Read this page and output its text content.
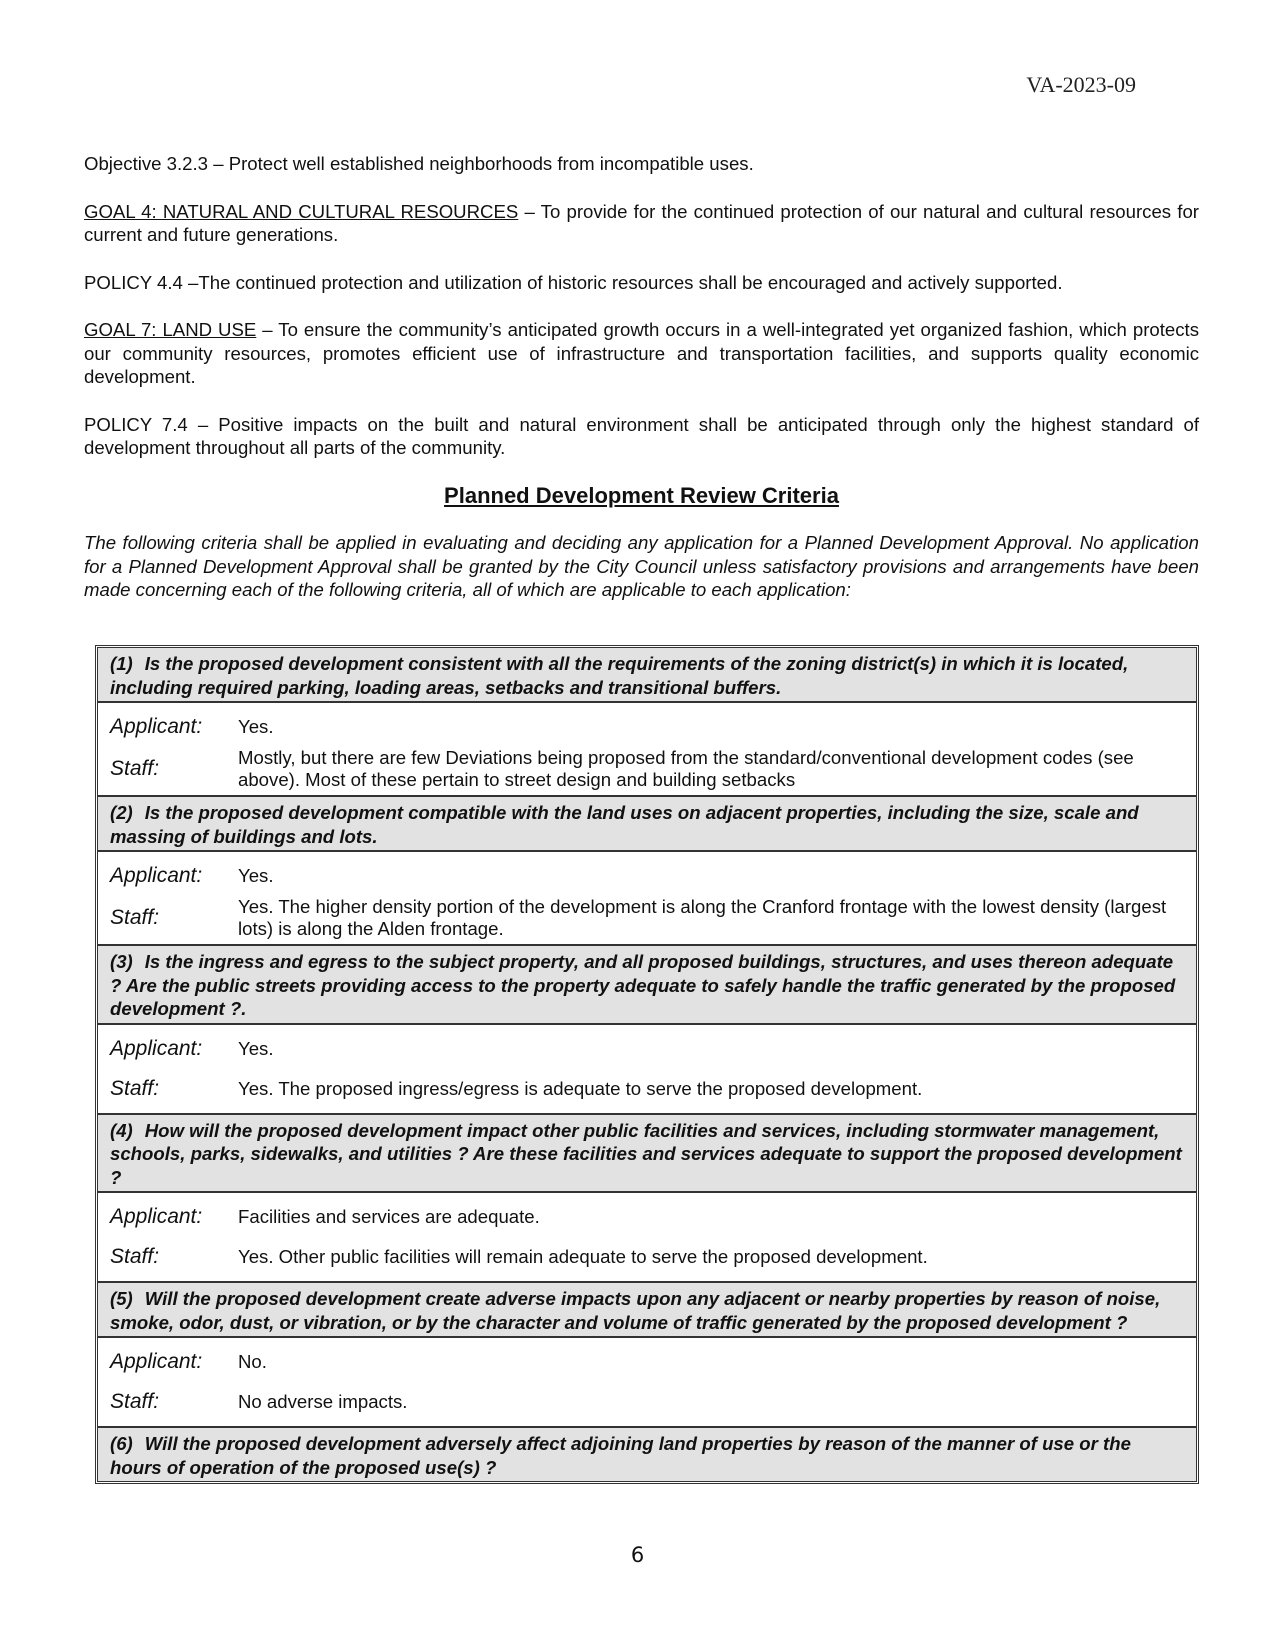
VA-2023-09

Objective 3.2.3 – Protect well established neighborhoods from incompatible uses.

GOAL 4: NATURAL AND CULTURAL RESOURCES – To provide for the continued protection of our natural and cultural resources for current and future generations.

POLICY 4.4 –The continued protection and utilization of historic resources shall be encouraged and actively supported.

GOAL 7: LAND USE – To ensure the community’s anticipated growth occurs in a well-integrated yet organized fashion, which protects our community resources, promotes efficient use of infrastructure and transportation facilities, and supports quality economic development.

POLICY 7.4 – Positive impacts on the built and natural environment shall be anticipated through only the highest standard of development throughout all parts of the community.

Planned Development Review Criteria

The following criteria shall be applied in evaluating and deciding any application for a Planned Development Approval. No application for a Planned Development Approval shall be granted by the City Council unless satisfactory provisions and arrangements have been made concerning each of the following criteria, all of which are applicable to each application:

(1) Is the proposed development consistent with all the requirements of the zoning district(s) in which it is located, including required parking, loading areas, setbacks and transitional buffers.
Applicant:	Yes.
Staff:	Mostly, but there are few Deviations being proposed from the standard/conventional development codes (see above). Most of these pertain to street design and building setbacks
(2) Is the proposed development compatible with the land uses on adjacent properties, including the size, scale and massing of buildings and lots.
Applicant:	Yes.
Staff:	Yes. The higher density portion of the development is along the Cranford frontage with the lowest density (largest lots) is along the Alden frontage.
(3) Is the ingress and egress to the subject property, and all proposed buildings, structures, and uses thereon adequate ? Are the public streets providing access to the property adequate to safely handle the traffic generated by the proposed development ?.
Applicant:	Yes.
Staff:	Yes. The proposed ingress/egress is adequate to serve the proposed development.
(4) How will the proposed development impact other public facilities and services, including stormwater management, schools, parks, sidewalks, and utilities ? Are these facilities and services adequate to support the proposed development ?
Applicant:	Facilities and services are adequate.
Staff:	Yes. Other public facilities will remain adequate to serve the proposed development.
(5) Will the proposed development create adverse impacts upon any adjacent or nearby properties by reason of noise, smoke, odor, dust, or vibration, or by the character and volume of traffic generated by the proposed development ?
Applicant:	No.
Staff:	No adverse impacts.
(6) Will the proposed development adversely affect adjoining land properties by reason of the manner of use or the hours of operation of the proposed use(s) ?
6
